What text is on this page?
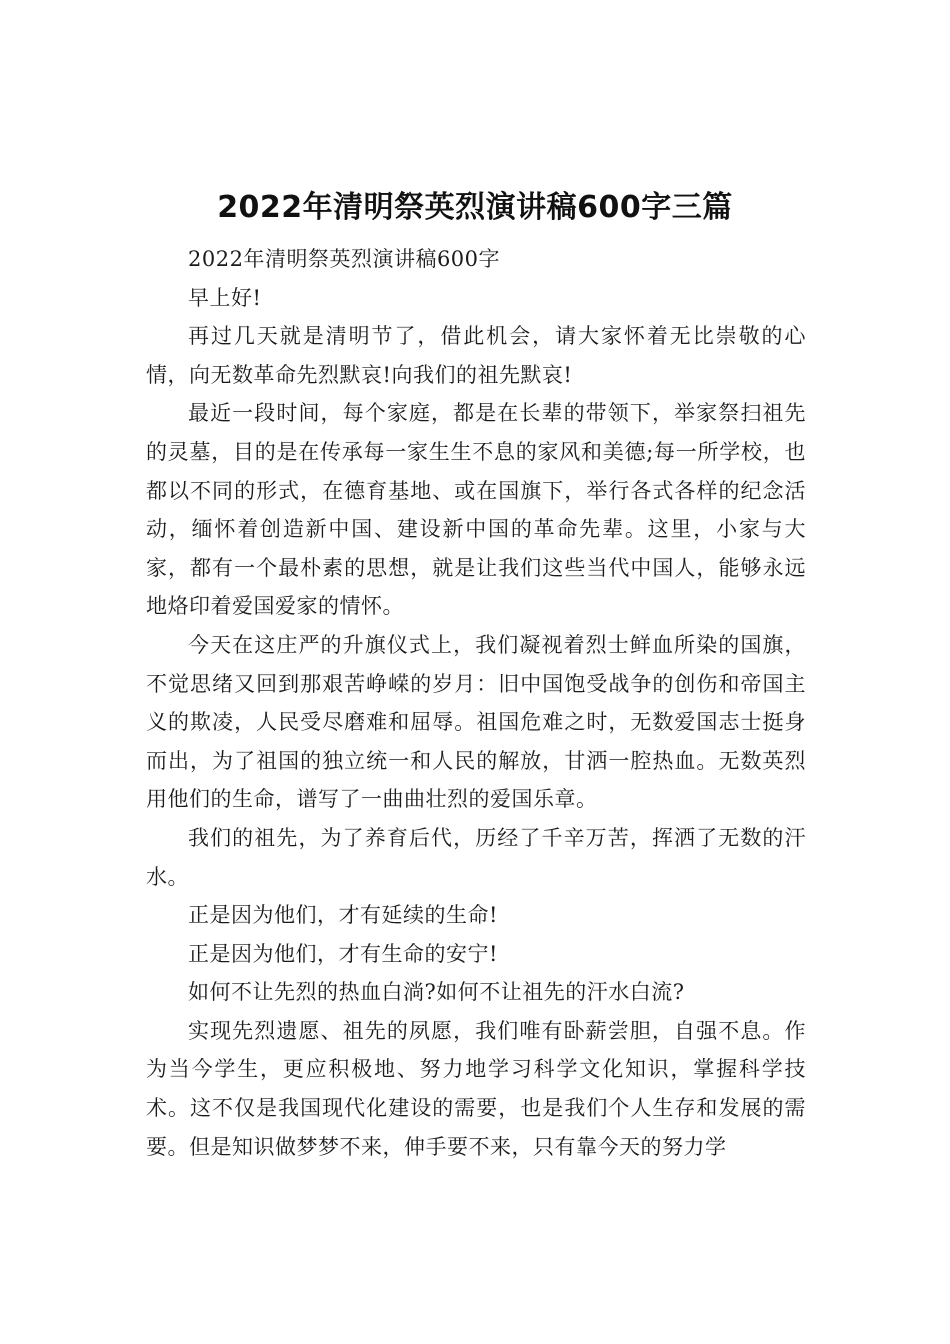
2022年清明祭英烈演讲稿600字三篇

2022年清明祭英烈演讲稿600字

早上好!

再过几天就是清明节了，借此机会，请大家怀着无比崇敬的心情，向无数革命先烈默哀!向我们的祖先默哀!

最近一段时间，每个家庭，都是在长辈的带领下，举家祭扫祖先的灵墓，目的是在传承每一家生生不息的家风和美德;每一所学校，也都以不同的形式，在德育基地、或在国旗下，举行各式各样的纪念活动，缅怀着创造新中国、建设新中国的革命先辈。这里，小家与大家，都有一个最朴素的思想，就是让我们这些当代中国人，能够永远地烙印着爱国爱家的情怀。

今天在这庄严的升旗仪式上，我们凝视着烈士鲜血所染的国旗，不觉思绪又回到那艰苦峥嵘的岁月：旧中国饱受战争的创伤和帝国主义的欺凌，人民受尽磨难和屈辱。祖国危难之时，无数爱国志士挺身而出，为了祖国的独立统一和人民的解放，甘洒一腔热血。无数英烈用他们的生命，谱写了一曲曲壮烈的爱国乐章。

我们的祖先，为了养育后代，历经了千辛万苦，挥洒了无数的汗水。

正是因为他们，才有延续的生命!

正是因为他们，才有生命的安宁!

如何不让先烈的热血白淌?如何不让祖先的汗水白流?

实现先烈遗愿、祖先的夙愿，我们唯有卧薪尝胆，自强不息。作为当今学生，更应积极地、努力地学习科学文化知识，掌握科学技术。这不仅是我国现代化建设的需要，也是我们个人生存和发展的需要。但是知识做梦梦不来，伸手要不来，只有靠今天的努力学
